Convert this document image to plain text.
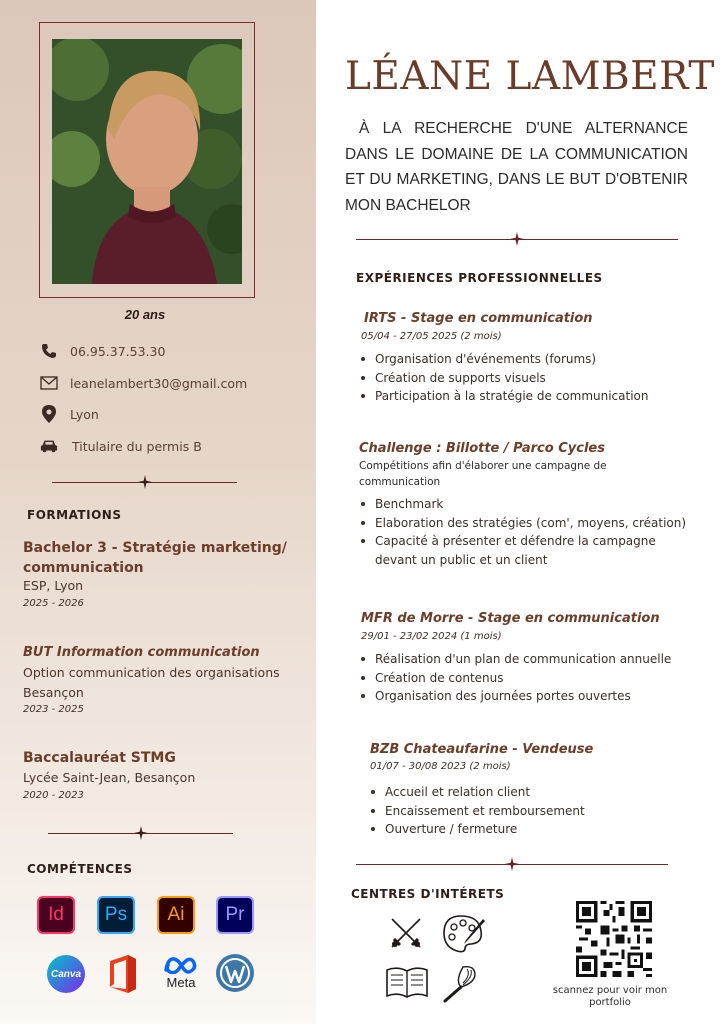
20 ans
06.95.37.53.30
leanelambert30@gmail.com
Lyon
Titulaire du permis B
FORMATIONS
Bachelor 3 - Stratégie marketing/ communication
ESP, Lyon
2025 - 2026
BUT Information communication
Option communication des organisations
Besançon
2023 - 2025
Baccalauréat STMG
Lycée Saint-Jean, Besançon
2020 - 2023
COMPÉTENCES
Id	Ps	Ai	Pr
Canva
Meta
LÉANE LAMBERT
À LA RECHERCHE D'UNE ALTERNANCE DANS LE DOMAINE DE LA COMMUNICATION ET DU MARKETING, DANS LE BUT D'OBTENIR MON BACHELOR
EXPÉRIENCES PROFESSIONNELLES
IRTS - Stage en communication
05/04 - 27/05 2025 (2 mois)
Organisation d'événements (forums)
Création de supports visuels
Participation à la stratégie de communication
Challenge : Billotte / Parco Cycles
Compétitions afin d'élaborer une campagne de communication
Benchmark
Elaboration des stratégies (com', moyens, création)
Capacité à présenter et défendre la campagne devant un public et un client
MFR de Morre - Stage en communication
29/01 - 23/02 2024 (1 mois)
Réalisation d'un plan de communication annuelle
Création de contenus
Organisation des journées portes ouvertes
BZB Chateaufarine - Vendeuse
01/07 - 30/08 2023 (2 mois)
Accueil et relation client
Encaissement et remboursement
Ouverture / fermeture
CENTRES D'INTÉRETS
scannez pour voir mon portfolio
